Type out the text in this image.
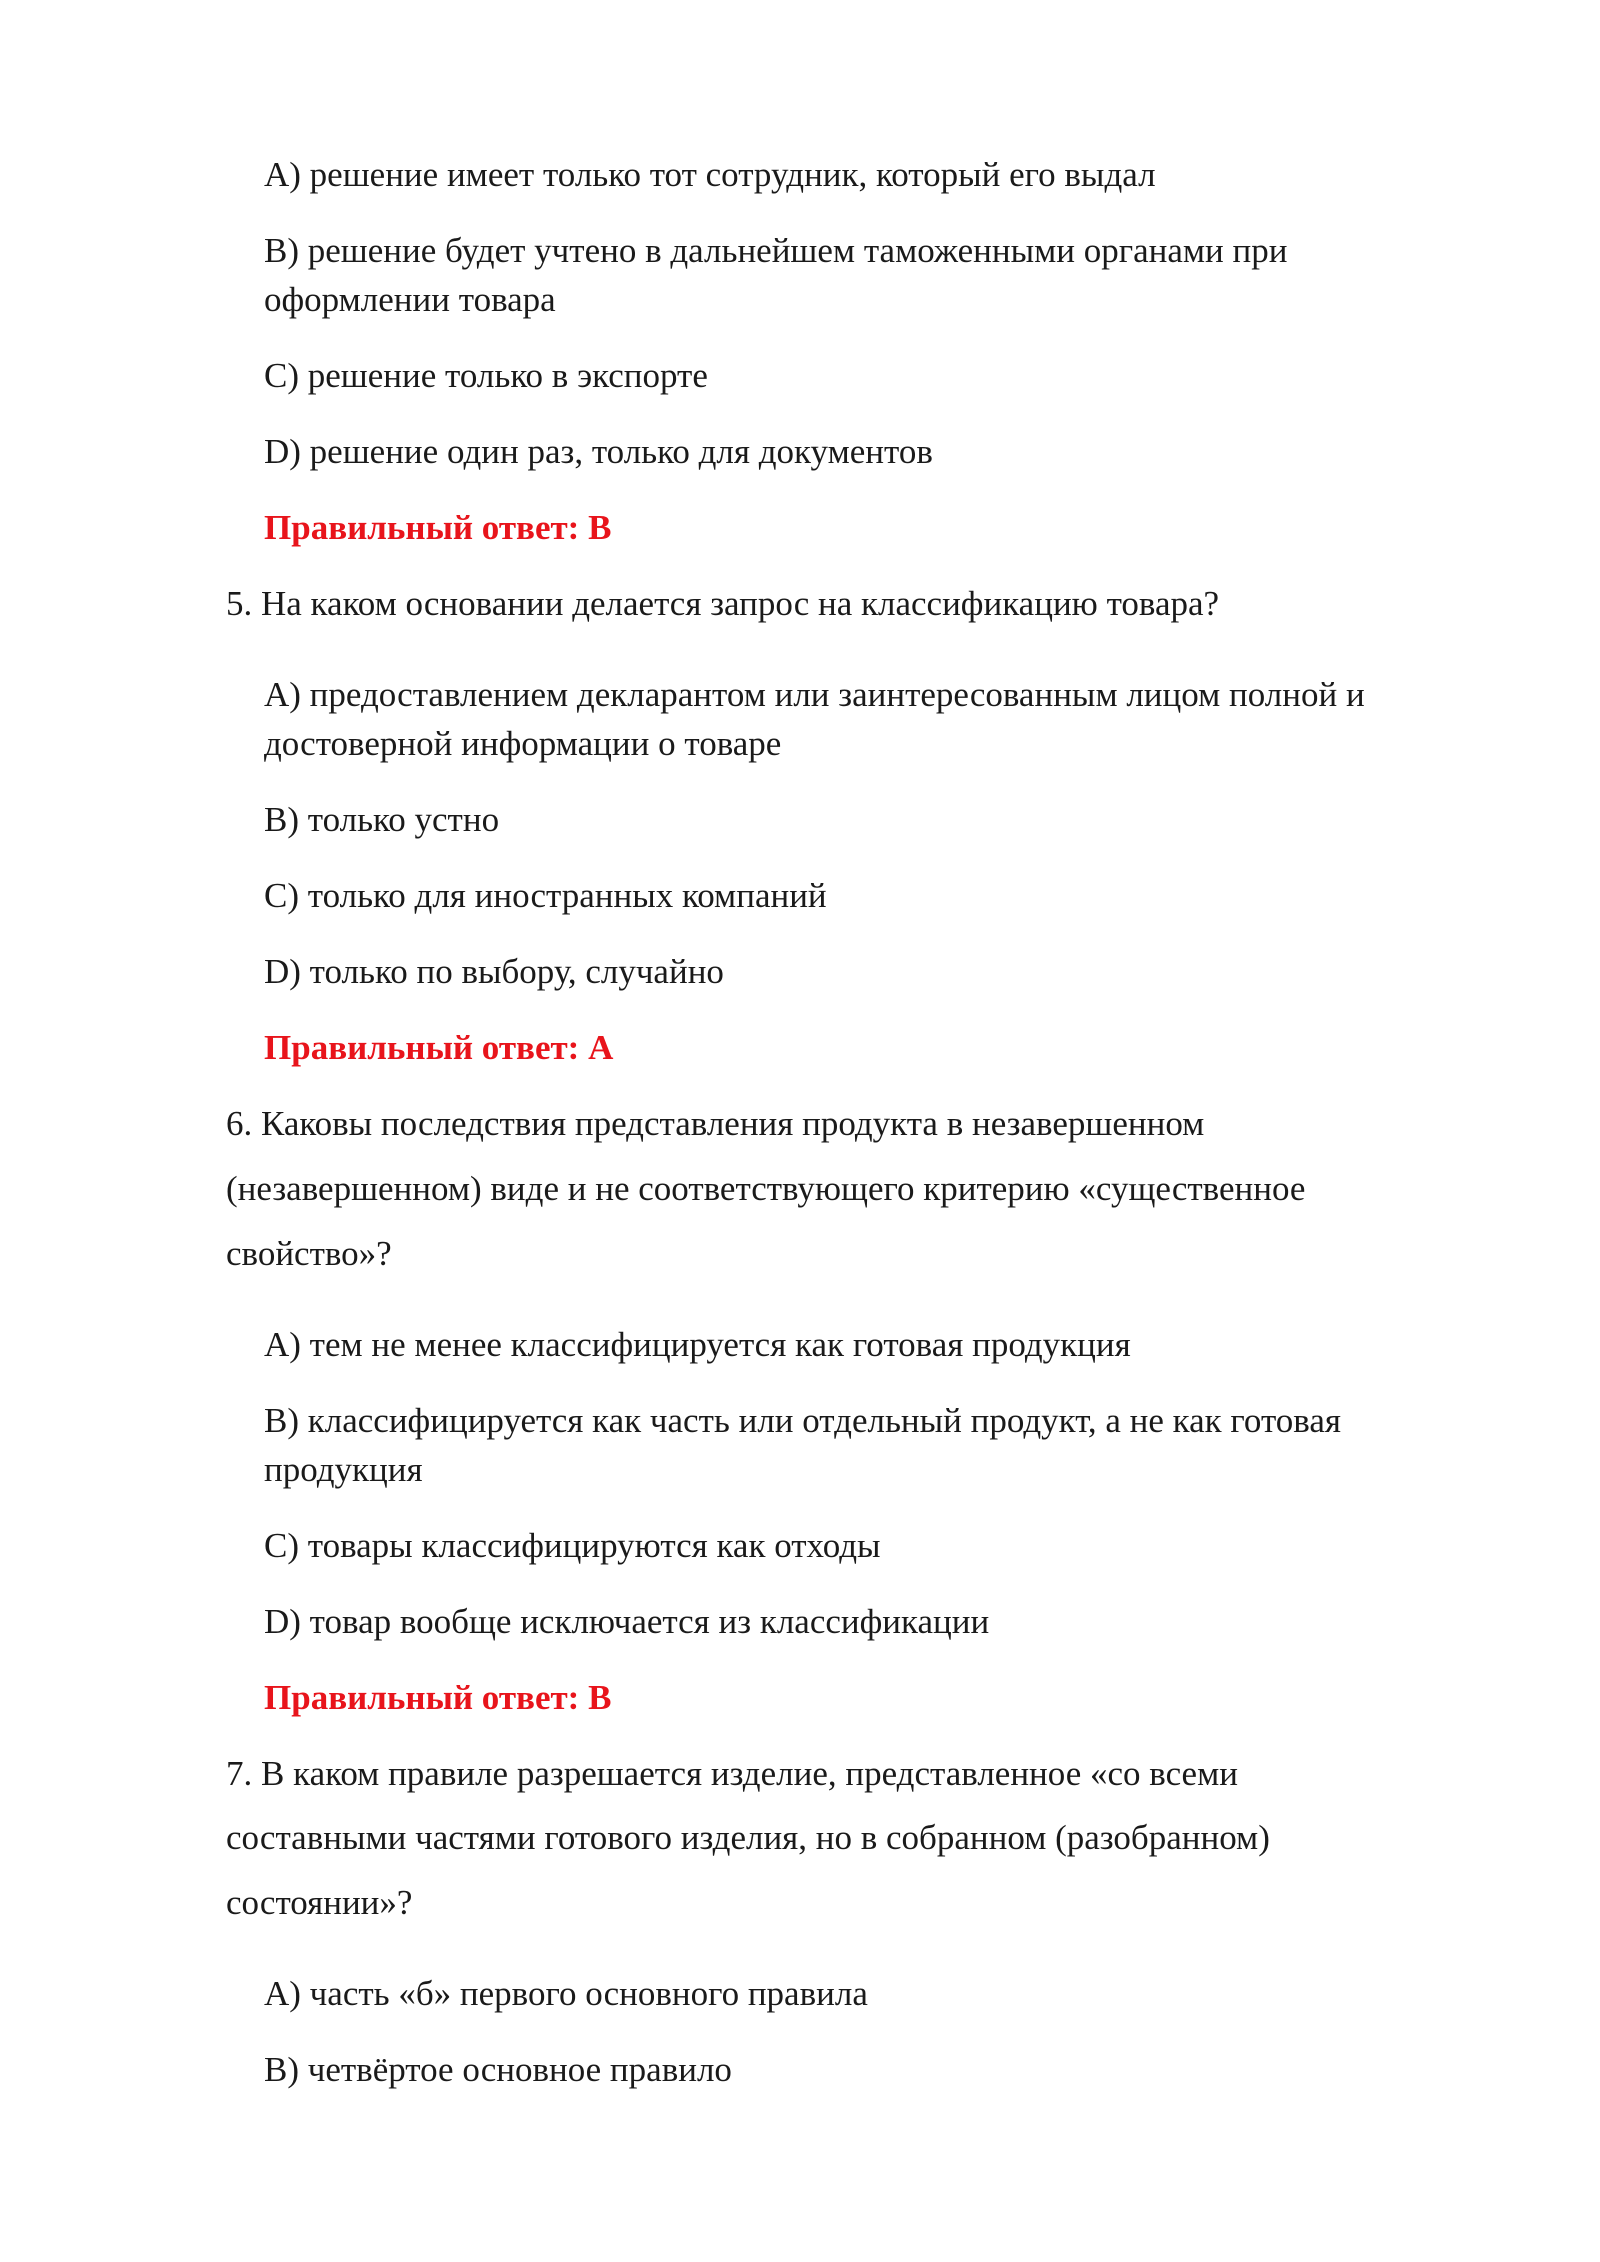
A) решение имеет только тот сотрудник, который его выдал

B) решение будет учтено в дальнейшем таможенными органами при

оформлении товара

C) решение только в экспорте

D) решение один раз, только для документов

Правильный ответ: B

5. На каком основании делается запрос на классификацию товара?

A) предоставлением декларантом или заинтересованным лицом полной и

достоверной информации о товаре

B) только устно

C) только для иностранных компаний

D) только по выбору, случайно

Правильный ответ: A

6. Каковы последствия представления продукта в незавершенном

(незавершенном) виде и не соответствующего критерию «существенное

свойство»?

A) тем не менее классифицируется как готовая продукция

B) классифицируется как часть или отдельный продукт, а не как готовая

продукция

C) товары классифицируются как отходы

D) товар вообще исключается из классификации

Правильный ответ: B

7. В каком правиле разрешается изделие, представленное «со всеми

составными частями готового изделия, но в собранном (разобранном)

состоянии»?

A) часть «б» первого основного правила

B) четвёртое основное правило
